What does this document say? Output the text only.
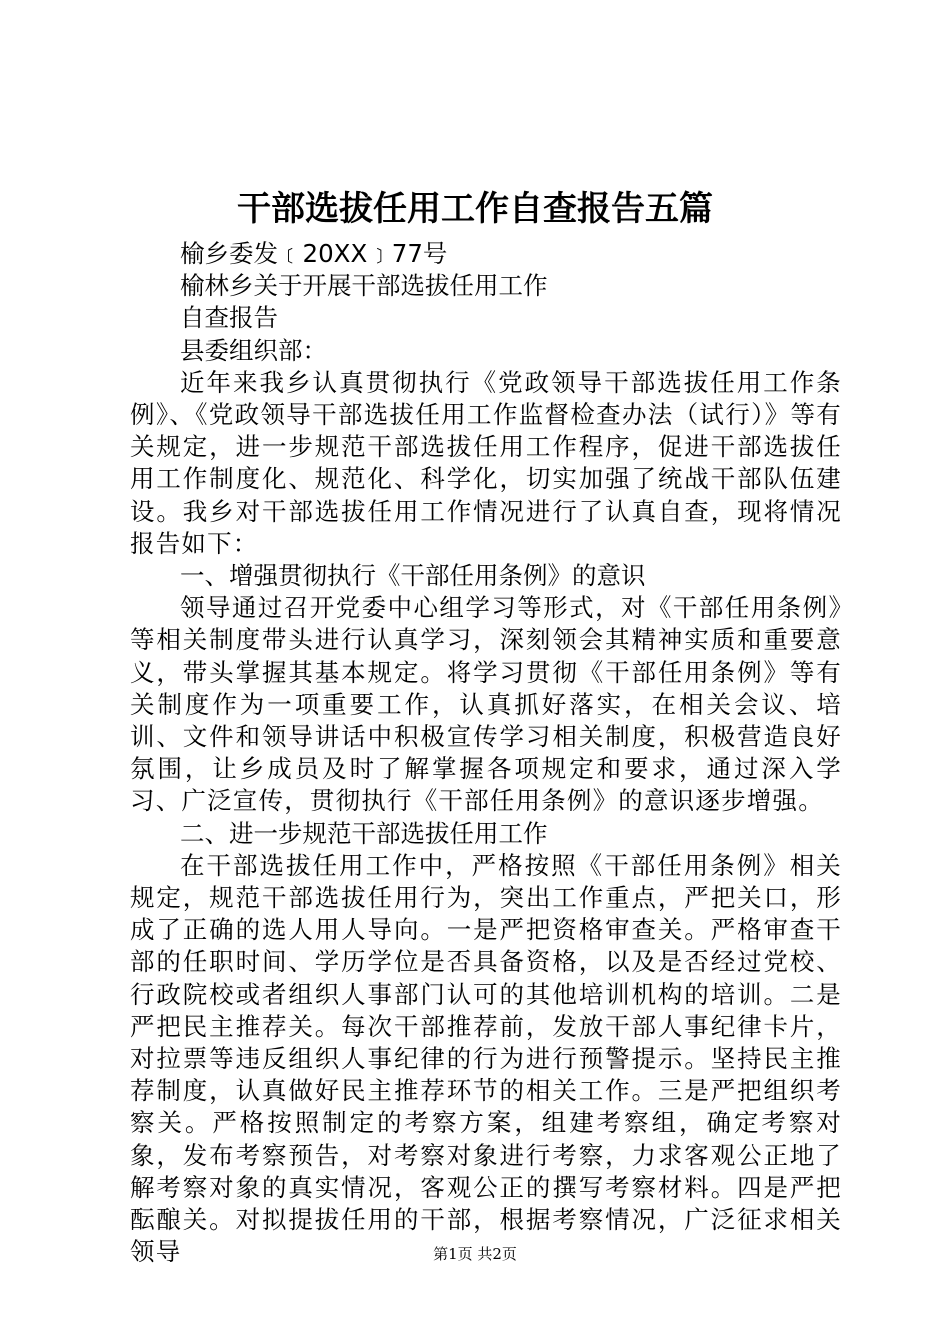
干部选拔任用工作自查报告五篇

榆乡委发﹝20XX﹞77号

榆林乡关于开展干部选拔任用工作

自查报告

县委组织部：

近年来我乡认真贯彻执行《党政领导干部选拔任用工作条例》、《党政领导干部选拔任用工作监督检查办法（试行）》等有关规定，进一步规范干部选拔任用工作程序，促进干部选拔任用工作制度化、规范化、科学化，切实加强了统战干部队伍建设。我乡对干部选拔任用工作情况进行了认真自查，现将情况报告如下：

一、增强贯彻执行《干部任用条例》的意识

领导通过召开党委中心组学习等形式，对《干部任用条例》等相关制度带头进行认真学习，深刻领会其精神实质和重要意义，带头掌握其基本规定。将学习贯彻《干部任用条例》等有关制度作为一项重要工作，认真抓好落实，在相关会议、培训、文件和领导讲话中积极宣传学习相关制度，积极营造良好氛围，让乡成员及时了解掌握各项规定和要求，通过深入学习、广泛宣传，贯彻执行《干部任用条例》的意识逐步增强。

二、进一步规范干部选拔任用工作

在干部选拔任用工作中，严格按照《干部任用条例》相关规定，规范干部选拔任用行为，突出工作重点，严把关口，形成了正确的选人用人导向。一是严把资格审查关。严格审查干部的任职时间、学历学位是否具备资格，以及是否经过党校、行政院校或者组织人事部门认可的其他培训机构的培训。二是严把民主推荐关。每次干部推荐前，发放干部人事纪律卡片，对拉票等违反组织人事纪律的行为进行预警提示。坚持民主推荐制度，认真做好民主推荐环节的相关工作。三是严把组织考察关。严格按照制定的考察方案，组建考察组，确定考察对象，发布考察预告，对考察对象进行考察，力求客观公正地了解考察对象的真实情况，客观公正的撰写考察材料。四是严把酝酿关。对拟提拔任用的干部，根据考察情况，广泛征求相关领导	第1页 共2页
